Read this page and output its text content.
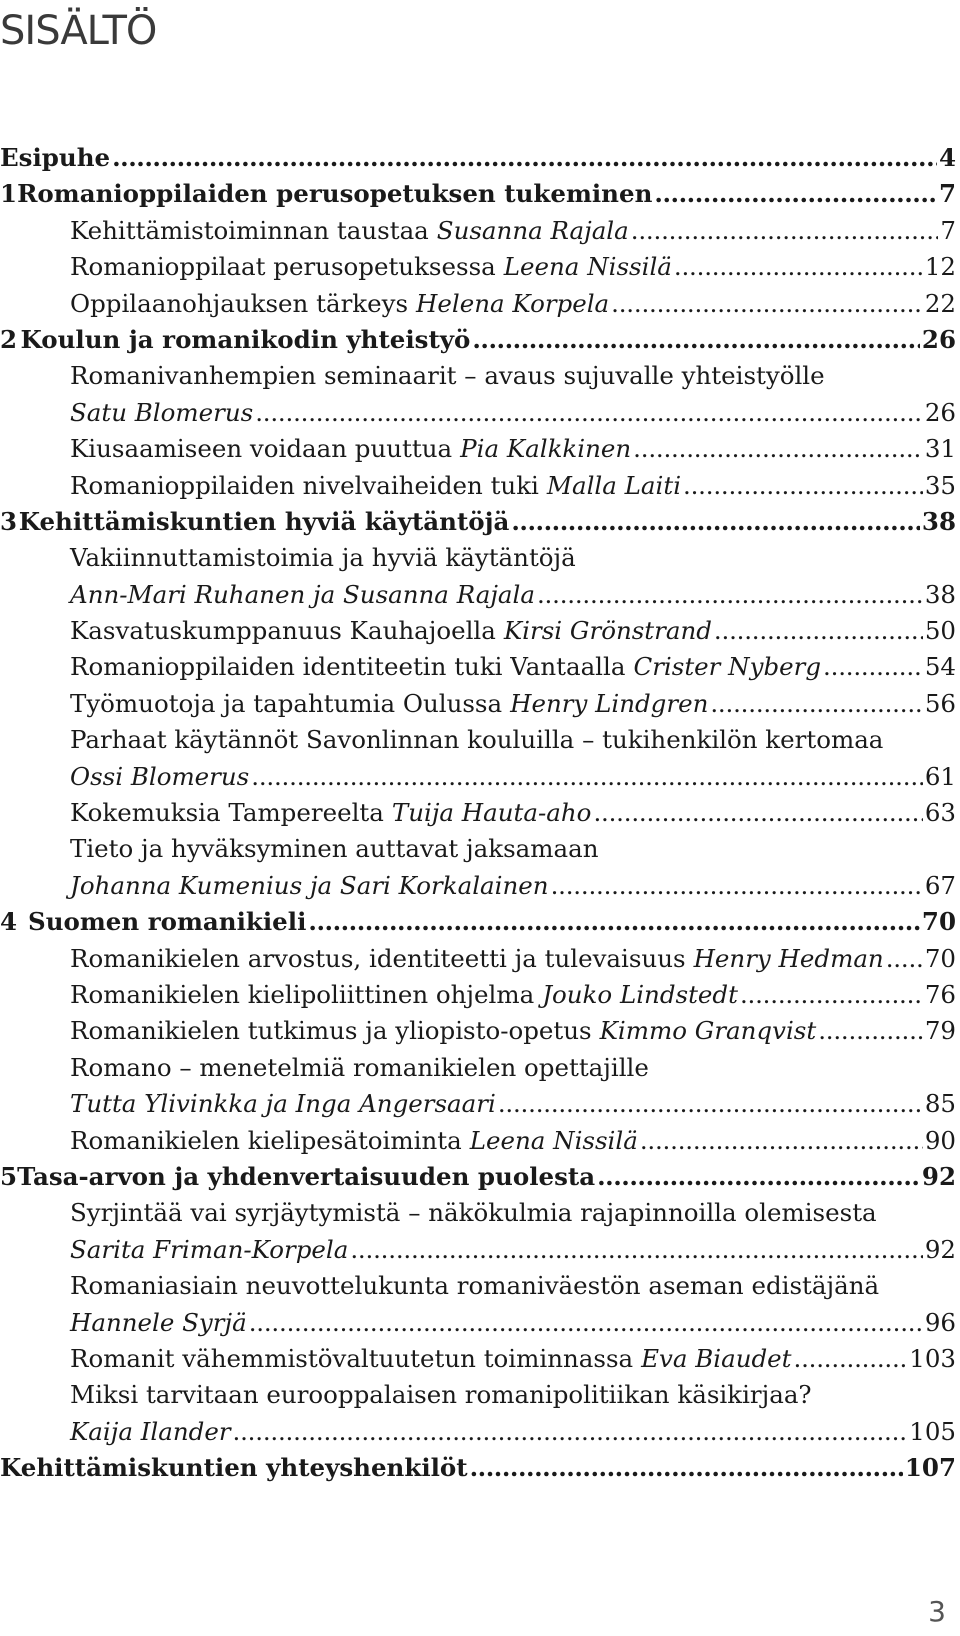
SISÄLTÖ
Esipuhe . . .	4
1 Romanioppilaiden perusopetuksen tukeminen . . .	7
Kehittämistoiminnan taustaa Susanna Rajala . . .	7
Romanioppilaat perusopetuksessa Leena Nissilä . . .	12
Oppilaanohjauksen tärkeys Helena Korpela . . .	22
2 Koulun ja romanikodin yhteistyö . . .	26
Romanivanhempien seminaarit – avaus sujuvalle yhteistyölle
Satu Blomerus . . .	26
Kiusaamiseen voidaan puuttua Pia Kalkkinen . . .	31
Romanioppilaiden nivelvaiheiden tuki Malla Laiti . . .	35
3 Kehittämiskuntien hyviä käytäntöjä . . .	38
Vakiinnuttamistoimia ja hyviä käytäntöjä
Ann-Mari Ruhanen ja Susanna Rajala . . .	38
Kasvatuskumppanuus Kauhajoella Kirsi Grönstrand . . .	50
Romanioppilaiden identiteetin tuki Vantaalla Crister Nyberg . . .	54
Työmuotoja ja tapahtumia Oulussa Henry Lindgren . . .	56
Parhaat käytännöt Savonlinnan kouluilla – tukihenkilön kertomaa
Ossi Blomerus . . .	61
Kokemuksia Tampereelta Tuija Hauta-aho . . .	63
Tieto ja hyväksyminen auttavat jaksamaan
Johanna Kumenius ja Sari Korkalainen . . .	67
4 Suomen romanikieli . . .	70
Romanikielen arvostus, identiteetti ja tulevaisuus Henry Hedman . . . 70
Romanikielen kielipoliittinen ohjelma Jouko Lindstedt . . .	76
Romanikielen tutkimus ja yliopisto-opetus Kimmo Granqvist . . .	79
Romano – menetelmiä romanikielen opettajille
Tutta Ylivinkka ja Inga Angersaari . . .	85
Romanikielen kielipesätoiminta Leena Nissilä . . .	90
5 Tasa-arvon ja yhdenvertaisuuden puolesta . . .	92
Syrjintää vai syrjäytymistä – näkökulmia rajapinnoilla olemisesta
Sarita Friman-Korpela . . .	92
Romaniasiain neuvottelukunta romaniväestön aseman edistäjänä
Hannele Syrjä . . .	96
Romanit vähemmistövaltuutetun toiminnassa Eva Biaudet . . .	103
Miksi tarvitaan eurooppalaisen romanipolitiikan käsikirjaa?
Kaija Ilander . . .	105
Kehittämiskuntien yhteyshenkilöt . . .	107
3
